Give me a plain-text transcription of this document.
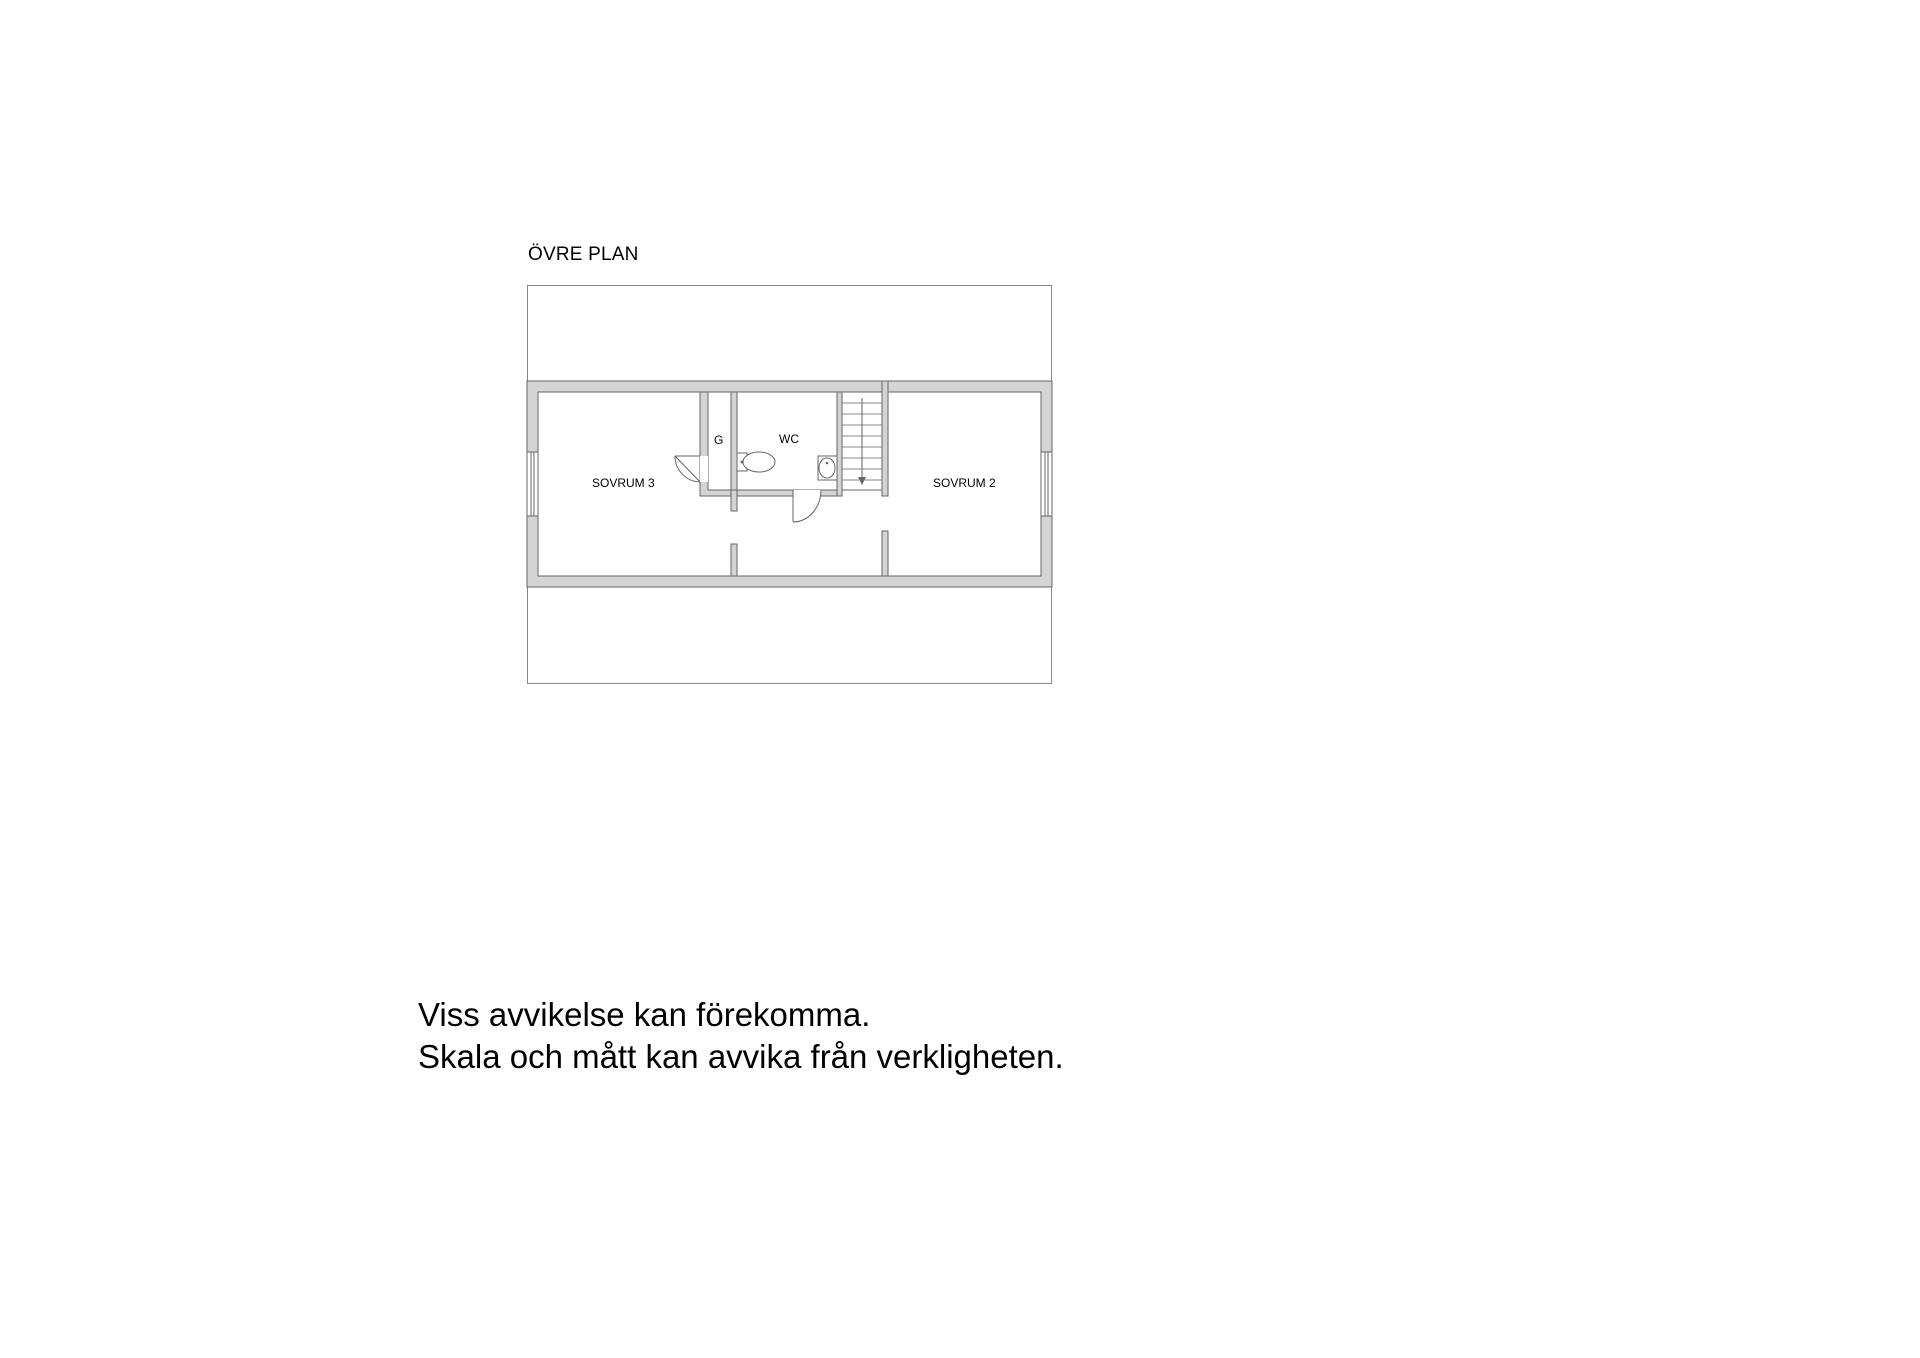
ÖVRE PLAN
SOVRUM 3
G	WC
SOVRUM 2
Viss avvikelse kan förekomma.
Skala och mått kan avvika från verkligheten.
